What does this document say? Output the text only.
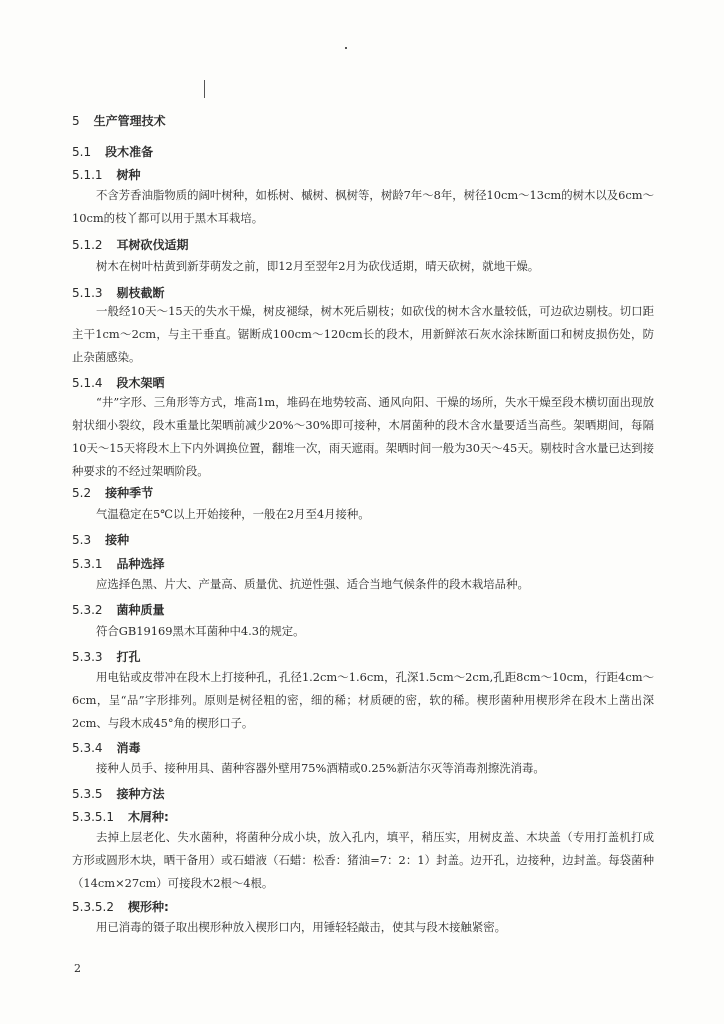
5 生产管理技术
5.1 段木准备
5.1.1 树种
不含芳香油脂物质的阔叶树种，如栎树、槭树、枫树等，树龄7年～8年，树径10cm～13cm的树木以及6cm～10cm的枝丫都可以用于黑木耳栽培。
5.1.2 耳树砍伐适期
树木在树叶枯黄到新芽萌发之前，即12月至翌年2月为砍伐适期，晴天砍树，就地干燥。
5.1.3 剔枝截断
一般经10天～15天的失水干燥，树皮褪绿，树木死后剔枝；如砍伐的树木含水量较低，可边砍边剔枝。切口距主干1cm～2cm，与主干垂直。锯断成100cm～120cm长的段木，用新鲜浓石灰水涂抹断面口和树皮损伤处，防止杂菌感染。
5.1.4 段木架晒
“井”字形、三角形等方式，堆高1m，堆码在地势较高、通风向阳、干燥的场所，失水干燥至段木横切面出现放射状细小裂纹，段木重量比架晒前减少20%～30%即可接种，木屑菌种的段木含水量要适当高些。架晒期间，每隔10天～15天将段木上下内外调换位置，翻堆一次，雨天遮雨。架晒时间一般为30天～45天。剔枝时含水量已达到接种要求的不经过架晒阶段。
5.2 接种季节
气温稳定在5℃以上开始接种，一般在2月至4月接种。
5.3 接种
5.3.1 品种选择
应选择色黑、片大、产量高、质量优、抗逆性强、适合当地气候条件的段木栽培品种。
5.3.2 菌种质量
符合GB19169黑木耳菌种中4.3的规定。
5.3.3 打孔
用电钻或皮带冲在段木上打接种孔，孔径1.2cm～1.6cm，孔深1.5cm～2cm,孔距8cm～10cm，行距4cm～6cm，呈“品”字形排列。原则是树径粗的密，细的稀；材质硬的密，软的稀。楔形菌种用楔形斧在段木上凿出深2cm、与段木成45°角的楔形口子。
5.3.4 消毒
接种人员手、接种用具、菌种容器外壁用75%酒精或0.25%新洁尔灭等消毒剂擦洗消毒。
5.3.5 接种方法
5.3.5.1 木屑种:
去掉上层老化、失水菌种，将菌种分成小块，放入孔内，填平，稍压实，用树皮盖、木块盖（专用打盖机打成方形或圆形木块，晒干备用）或石蜡液（石蜡：松香：猪油=7：2：1）封盖。边开孔，边接种，边封盖。每袋菌种（14cm×27cm）可接段木2根～4根。
5.3.5.2 楔形种:
用已消毒的镊子取出楔形种放入楔形口内，用锤轻轻敲击，使其与段木接触紧密。
2
